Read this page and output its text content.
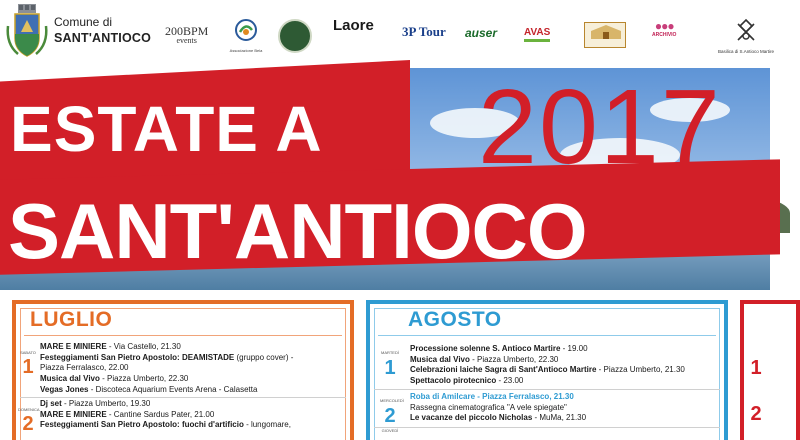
Comune di
SANT'ANTIOCO 200BPM
events
Associazione Bela
Laore

3P Tour auser	AVAS	●●●
ARCHIVIO
Basilica di S.Antioco Martire
ESTATE A 2017
SANT'ANTIOCO
LUGLIO
SABATO
1
MARE E MINIERE - Via Castello, 21.30
Festeggiamenti San Pietro Apostolo: DEAMISTADE (gruppo cover) -
Piazza Ferralasco, 22.00
Musica dal Vivo - Piazza Umberto, 22.30
Vegas Jones - Discoteca Aquarium Events Arena - Calasetta
DOMENICA
2
Dj set - Piazza Umberto, 19.30
MARE E MINIERE - Cantine Sardus Pater, 21.00
Festeggiamenti San Pietro Apostolo: fuochi d'artificio - lungomare,
AGOSTO
MARTEDÌ
1
Processione solenne S. Antioco Martire - 19.00
Musica dal Vivo - Piazza Umberto, 22.30
Celebrazioni laiche Sagra di Sant'Antioco Martire - Piazza Umberto, 21.30
Spettacolo pirotecnico - 23.00
MERCOLEDÌ
2
Roba di Amilcare - Piazza Ferralasco, 21.30
Rassegna cinematografica "A vele spiegate"
Le vacanze del piccolo Nicholas - MuMa, 21.30
GIOVEDÌ
1
2
